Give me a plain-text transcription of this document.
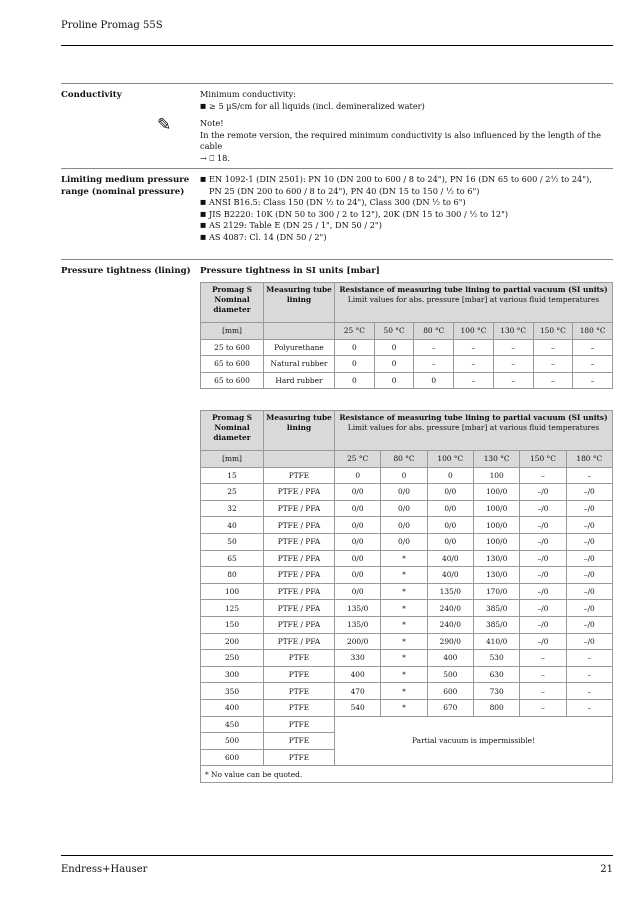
Proline Promag 55S
Conductivity	Minimum conductivity:

■ ≥ 5 µS/cm for all liquids (incl. demineralized water)

Note!

In the remote version, the required minimum conductivity is also influenced by the length of the cable

→ ⎕ 18.

✎
Limiting medium pressure
range (nominal pressure)

■ EN 1092-1 (DIN 2501): PN 10 (DN 200 to 600 / 8 to 24"), PN 16 (DN 65 to 600 / 2½ to 24"),

PN 25 (DN 200 to 600 / 8 to 24"), PN 40 (DN 15 to 150 / ½ to 6")

■ ANSI B16.5: Class 150 (DN ½ to 24"), Class 300 (DN ½ to 6")

■ JIS B2220: 10K (DN 50 to 300 / 2 to 12"), 20K (DN 15 to 300 / ½ to 12")

■ AS 2129: Table E (DN 25 / 1", DN 50 / 2")

■ AS 4087: Cl. 14 (DN 50 / 2")

Pressure tightness (lining)	Pressure tightness in SI units [mbar]
Promag S Nominal diameter	Measuring tube lining	Resistance of measuring tube lining to partial vacuum (SI units)
Limit values for abs. pressure [mbar] at various fluid temperatures						

[mm]		25 °C	50 °C	80 °C	100 °C	130 °C	150 °C	180 °C
25 to 600	Polyurethane	0	0	–	–	–	–	–
65 to 600	Natural rubber	0	0	–	–	–	–	–
65 to 600	Hard rubber	0	0	0	–	–	–	–
Promag S Nominal diameter	Measuring tube lining	Resistance of measuring tube lining to partial vacuum (SI units)
Limit values for abs. pressure [mbar] at various fluid temperatures					

[mm]		25 °C	80 °C	100 °C	130 °C	150 °C	180 °C
15	PTFE	0	0	0	100	–	–
25	PTFE / PFA	0/0	0/0	0/0	100/0	–/0	–/0
32	PTFE / PFA	0/0	0/0	0/0	100/0	–/0	–/0
40	PTFE / PFA	0/0	0/0	0/0	100/0	–/0	–/0
50	PTFE / PFA	0/0	0/0	0/0	100/0	–/0	–/0
65	PTFE / PFA	0/0	*	40/0	130/0	–/0	–/0
80	PTFE / PFA	0/0	*	40/0	130/0	–/0	–/0
100	PTFE / PFA	0/0	*	135/0	170/0	–/0	–/0
125	PTFE / PFA	135/0	*	240/0	385/0	–/0	–/0
150	PTFE / PFA	135/0	*	240/0	385/0	–/0	–/0
200	PTFE / PFA	200/0	*	290/0	410/0	–/0	–/0
250	PTFE	330	*	400	530	–	–
300	PTFE	400	*	500	630	–	–
350	PTFE	470	*	600	730	–	–
400	PTFE	540	*	670	800	–	–
450	PTFE	Partial vacuum is impermissible!					
500	PTFE						
600	PTFE						
* No value can be quoted.							
Endress+Hauser	21
